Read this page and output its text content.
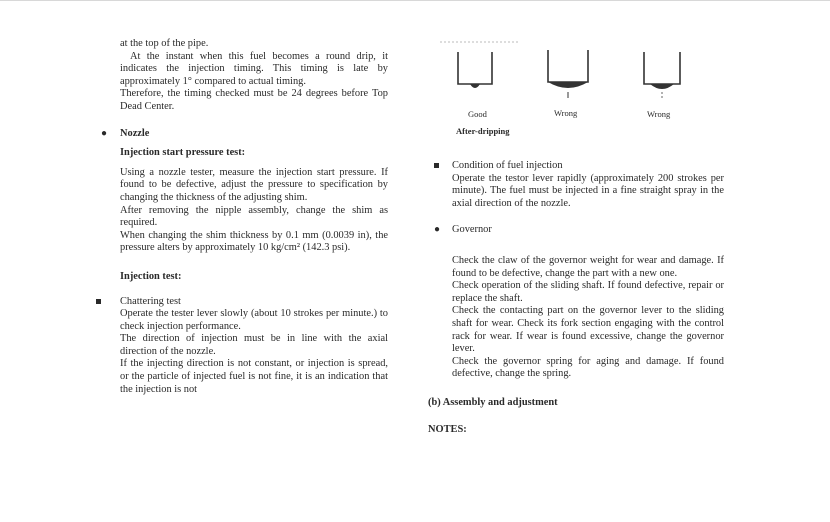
at the top of the pipe.

At the instant when this fuel becomes a round drip, it indicates the injection timing. This timing is late by approximately 1° compared to actual timing.

Therefore, the timing checked must be 24 degrees before Top Dead Center.

● Nozzle

Injection start pressure test:

Using a nozzle tester, measure the injection start pressure. If found to be defective, adjust the pressure to specification by changing the thickness of the adjusting shim.

After removing the nipple assembly, change the shim as required.

When changing the shim thickness by 0.1 mm (0.0039 in), the pressure alters by approximately 10 kg/cm² (142.3 psi).

Injection test:

Chattering test

Operate the tester lever slowly (about 10 strokes per minute.) to check injection performance.

The direction of injection must be in line with the axial direction of the nozzle.

If the injecting direction is not constant, or injection is spread, or the particle of injected fuel is not fine, it is an indication that the injection is not

Good	Wrong	Wrong
After-dripping

Condition of fuel injection

Operate the testor lever rapidly (approximately 200 strokes per minute). The fuel must be injected in a fine straight spray in the axial direction of the nozzle.

● Governor

Check the claw of the governor weight for wear and damage. If found to be defective, change the part with a new one.

Check operation of the sliding shaft. If found defective, repair or replace the shaft.

Check the contacting part on the governor lever to the sliding shaft for wear. Check its fork section engaging with the control rack for wear. If wear is found excessive, change the governor lever.

Check the governor spring for aging and damage. If found defective, change the spring.

(b) Assembly and adjustment

NOTES:
